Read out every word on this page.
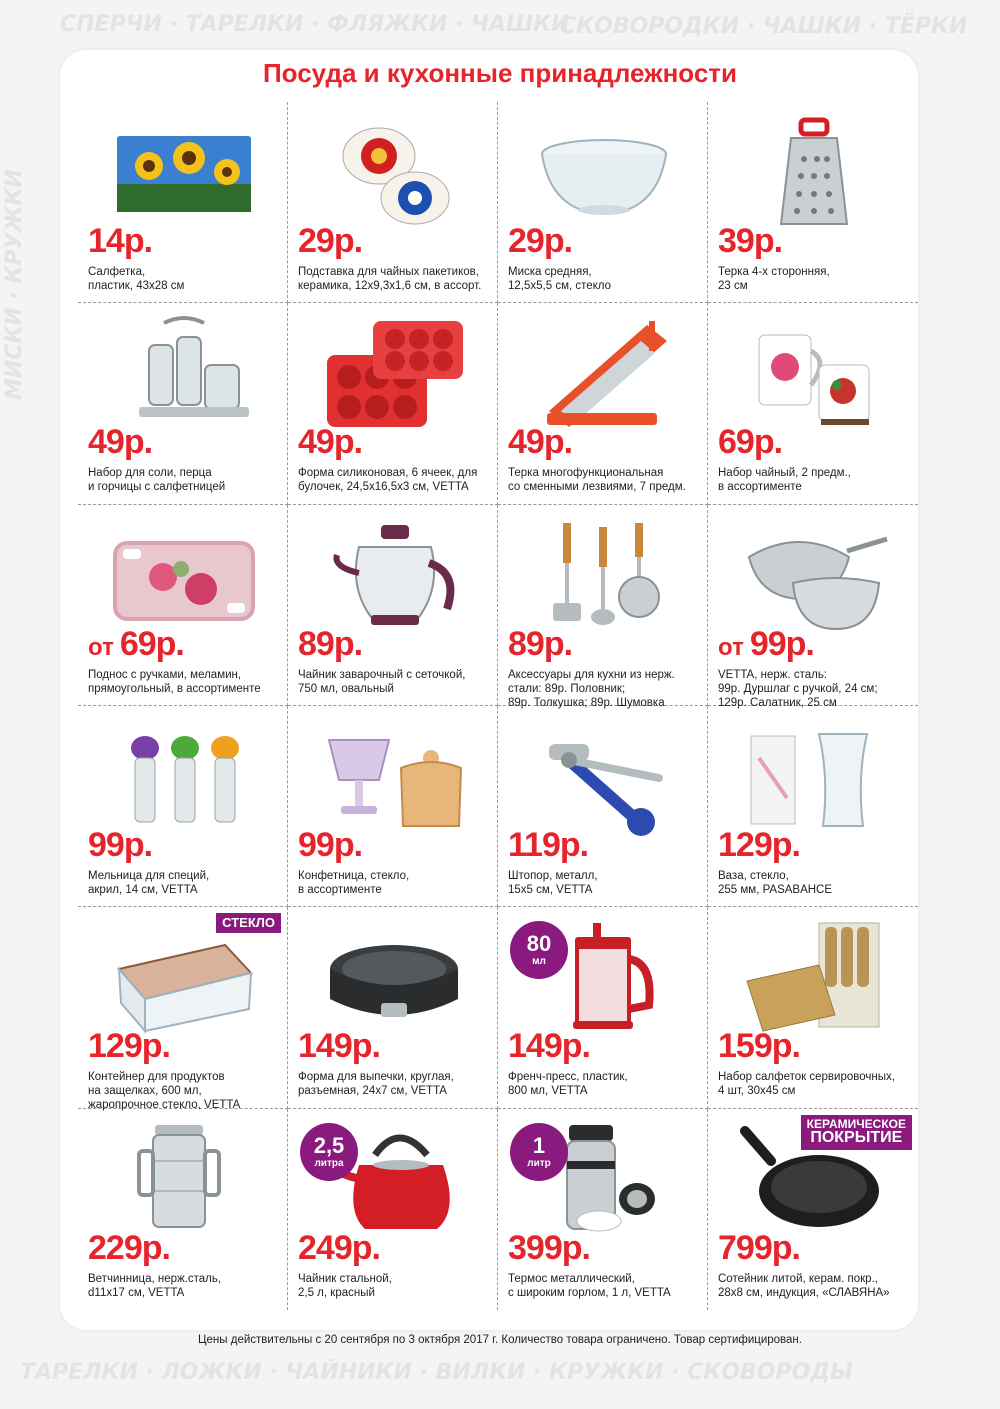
СПЕРЧИ · ТАРЕЛКИ · ФЛЯЖКИ · ЧАШКИ
СКОВОРОДКИ · ЧАШКИ · ТЁРКИ
МИСКИ · КРУЖКИ
ТАРЕЛКИ · ЛОЖКИ · ЧАЙНИКИ · ВИЛКИ · КРУЖКИ · СКОВОРОДЫ
Посуда и кухонные принадлежности
14р.
Салфетка,
пластик, 43х28 см
29р.
Подставка для чайных пакетиков,
керамика, 12х9,3х1,6 см, в ассорт.
29р.
Миска средняя,
12,5х5,5 см, стекло
39р.
Терка 4-х сторонняя,
23 см
49р.
Набор для соли, перца
и горчицы с салфетницей
49р.
Форма силиконовая, 6 ячеек, для
булочек, 24,5х16,5х3 см, VETTA
49р.
Терка многофункциональная
со сменными лезвиями, 7 предм.
69р.
Набор чайный, 2 предм.,
в ассортименте
от 69р.
Поднос с ручками, меламин,
прямоугольный, в ассортименте
89р.
Чайник заварочный с сеточкой,
750 мл, овальный
89р.
Аксессуары для кухни из нерж.
стали: 89р. Половник;
89р. Толкушка; 89р. Шумовка
от 99р.
VETTA, нерж. сталь:
99р. Дуршлаг с ручкой, 24 см;
129р. Салатник, 25 см
99р.
Мельница для специй,
акрил, 14 см, VETTA
99р.
Конфетница, стекло,
в ассортименте
119р.
Штопор, металл,
15х5 см, VETTA
129р.
Ваза, стекло,
255 мм, PASABAHCE
129р.
Контейнер для продуктов
на защелках, 600 мл,
жаропрочное стекло, VETTA
СТЕКЛО
149р.
Форма для выпечки, круглая,
разъемная, 24х7 см, VETTA
149р.
Френч-пресс, пластик,
800 мл, VETTA
80
мл
159р.
Набор салфеток сервировочных,
4 шт, 30х45 см
229р.
Ветчинница, нерж.сталь,
d11х17 см, VETTA
249р.
Чайник стальной,
2,5 л, красный
2,5
литра
399р.
Термос металлический,
с широким горлом, 1 л, VETTA
1
литр
799р.
Сотейник литой, керам. покр.,
28х8 см, индукция, «СЛАВЯНА»
КЕРАМИЧЕСКОЕ
ПОКРЫТИЕ
Цены действительны с 20 сентября по 3 октября 2017 г. Количество товара ограничено. Товар сертифицирован.
